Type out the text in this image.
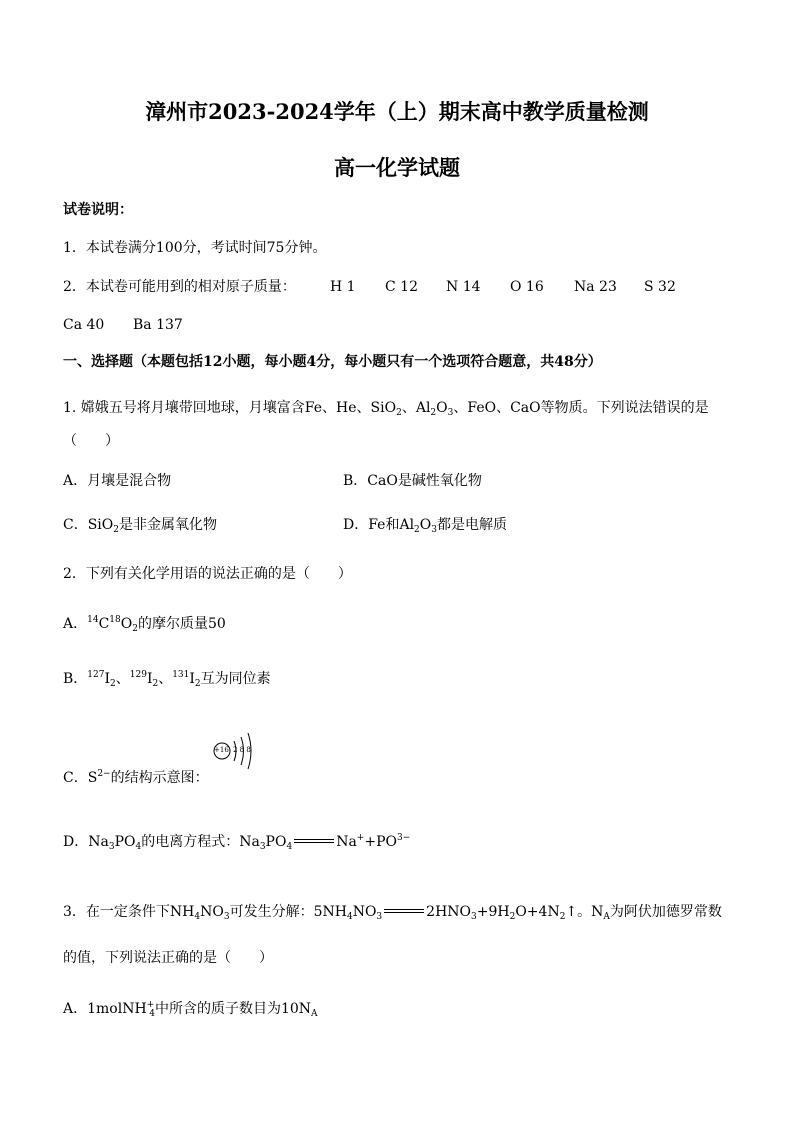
漳州市2023-2024学年（上）期末高中教学质量检测
高一化学试题
试卷说明：
1．本试卷满分100分，考试时间75分钟。
2．本试卷可能用到的相对原子质量： H 1 C 12 N 14 O 16 Na 23 S 32
Ca 40 Ba 137
一、选择题（本题包括12小题，每小题4分，每小题只有一个选项符合题意，共48分）
1. 嫦娥五号将月壤带回地球，月壤富含Fe、He、SiO$_2$、$Al_2O_3$、FeO、CaO等物质。下列说法错误的是
（　　）
A．月壤是混合物	B．CaO是碱性氧化物
C．SiO$_2$是非金属氧化物	D．Fe和$Al_2O_3$都是电解质
2．下列有关化学用语的说法正确的是（　　）
A．$^{14}C^{18}O_2$的摩尔质量50
B．$^{127}I_2$、$^{129}I_2$、$^{131}I_2$互为同位素
C．$S^{2-}$的结构示意图：
+16 2 8 8
D．$Na_3PO_4$的电离方程式：$Na_3PO_4$	$Na^++PO^{3-}$
3．在一定条件下$NH_4NO_3$可发生分解：$5NH_4NO_3$	$2HNO_3+9H_2O+4N_2↑$。$N_A$为阿伏加德罗常数
的值，下列说法正确的是（　　）
A．1molNH+$_4$中所含的质子数目为$10N_A$
